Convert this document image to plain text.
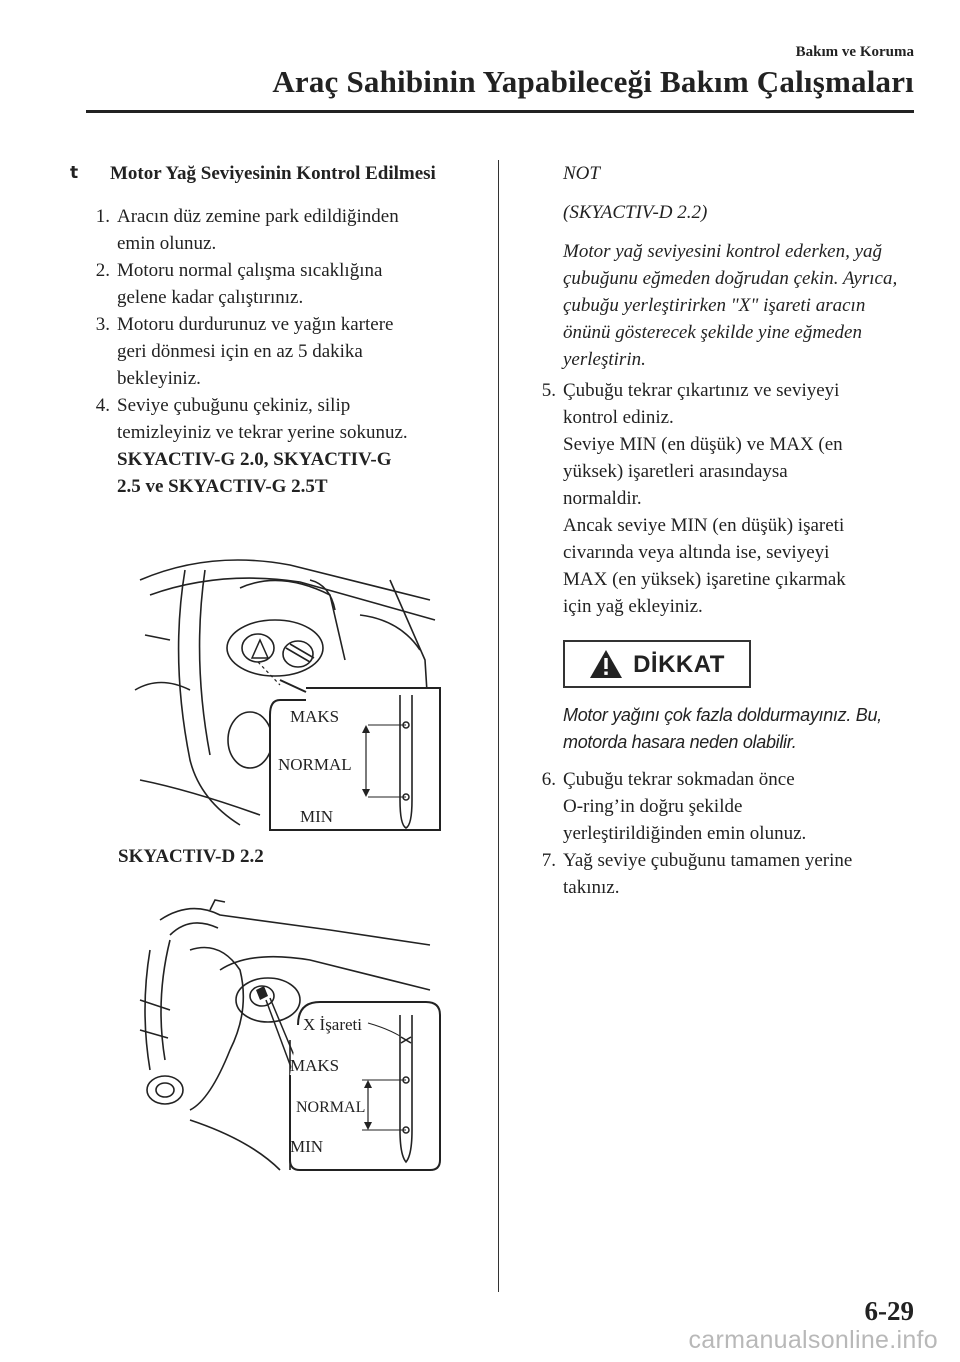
Bakım ve Koruma
Araç Sahibinin Yapabileceği Bakım Çalışmaları
t	Motor Yağ Seviyesinin Kontrol Edilmesi
1. Aracın düz zemine park edildiğinden
emin olunuz.
2. Motoru normal çalışma sıcaklığına
gelene kadar çalıştırınız.
3. Motoru durdurunuz ve yağın kartere
geri dönmesi için en az 5 dakika
bekleyiniz.
4. Seviye çubuğunu çekiniz, silip
temizleyiniz ve tekrar yerine sokunuz.
SKYACTIV-G 2.0, SKYACTIV-G
2.5 ve SKYACTIV-G 2.5T
MAKS
NORMAL
MIN
SKYACTIV-D 2.2
X İşareti
MAKS
NORMAL
MIN

NOT

(SKYACTIV-D 2.2)

Motor yağ seviyesini kontrol ederken, yağ çubuğunu eğmeden doğrudan çekin. Ayrıca, çubuğu yerleştirirken "X" işareti aracın önünü gösterecek şekilde yine eğmeden yerleştirin.
5. Çubuğu tekrar çıkartınız ve seviyeyi
kontrol ediniz.
Seviye MIN (en düşük) ve MAX (en
yüksek) işaretleri arasındaysa
normaldir.
Ancak seviye MIN (en düşük) işareti
civarında veya altında ise, seviyeyi
MAX (en yüksek) işaretine çıkarmak
için yağ ekleyiniz.
DİKKAT
Motor yağını çok fazla doldurmayınız. Bu, motorda hasara neden olabilir.
6. Çubuğu tekrar sokmadan önce
O-ring’in doğru şekilde
yerleştirildiğinden emin olunuz.
7. Yağ seviye çubuğunu tamamen yerine
takınız.
6-29
carmanualsonline.info
